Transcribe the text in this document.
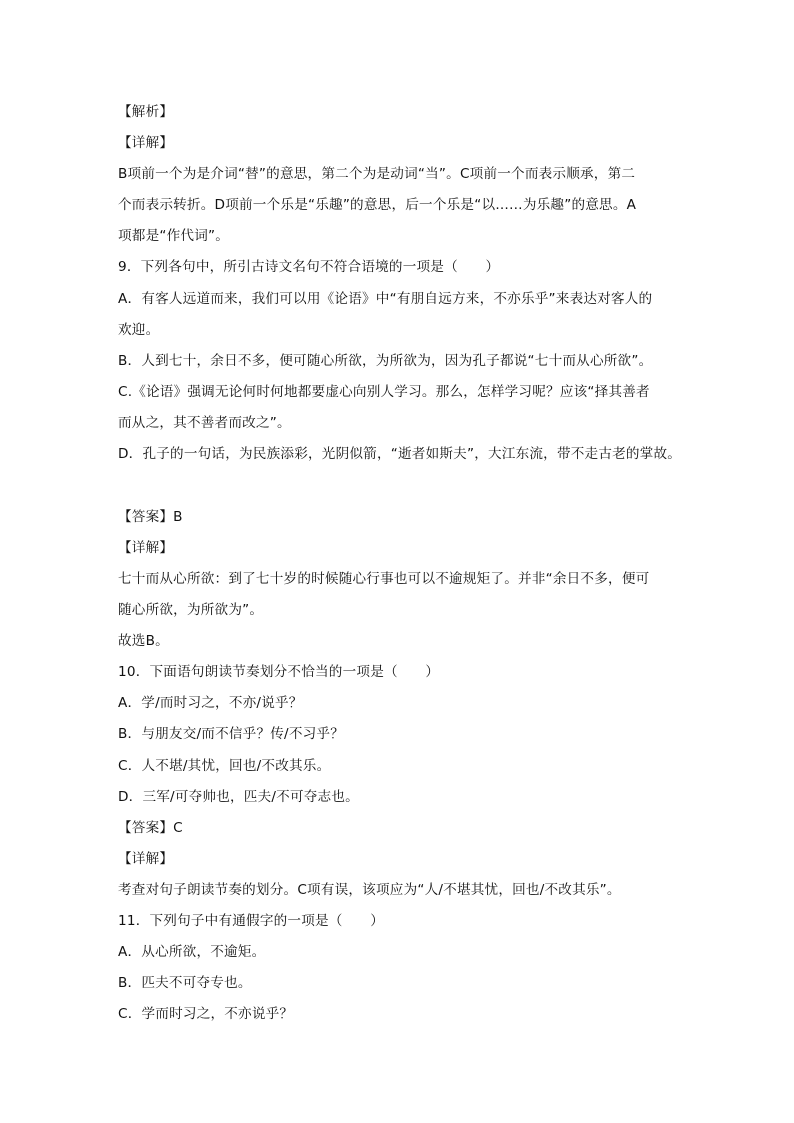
【解析】
【详解】
B项前一个为是介词“替”的意思，第二个为是动词“当”。C项前一个而表示顺承，第二
个而表示转折。D项前一个乐是“乐趣”的意思，后一个乐是“以……为乐趣”的意思。A
项都是“作代词”。
9．下列各句中，所引古诗文名句不符合语境的一项是（　　）
A．有客人远道而来，我们可以用《论语》中“有朋自远方来，不亦乐乎”来表达对客人的
欢迎。
B．人到七十，余日不多，便可随心所欲，为所欲为，因为孔子都说“七十而从心所欲”。
C.《论语》强调无论何时何地都要虚心向别人学习。那么，怎样学习呢？应该“择其善者
而从之，其不善者而改之”。
D．孔子的一句话，为民族添彩，光阴似箭，“逝者如斯夫”，大江东流，带不走古老的掌故。
【答案】B
【详解】
七十而从心所欲：到了七十岁的时候随心行事也可以不逾规矩了。并非“余日不多，便可
随心所欲，为所欲为”。
故选B。
10．下面语句朗读节奏划分不恰当的一项是（　　）
A．学/而时习之，不亦/说乎？
B．与朋友交/而不信乎？传/不习乎？
C．人不堪/其忧，回也/不改其乐。
D．三军/可夺帅也，匹夫/不可夺志也。
【答案】C
【详解】
考查对句子朗读节奏的划分。C项有误，该项应为“人/不堪其忧，回也/不改其乐”。
11．下列句子中有通假字的一项是（　　）
A．从心所欲，不逾矩。
B．匹夫不可夺专也。
C．学而时习之，不亦说乎？
